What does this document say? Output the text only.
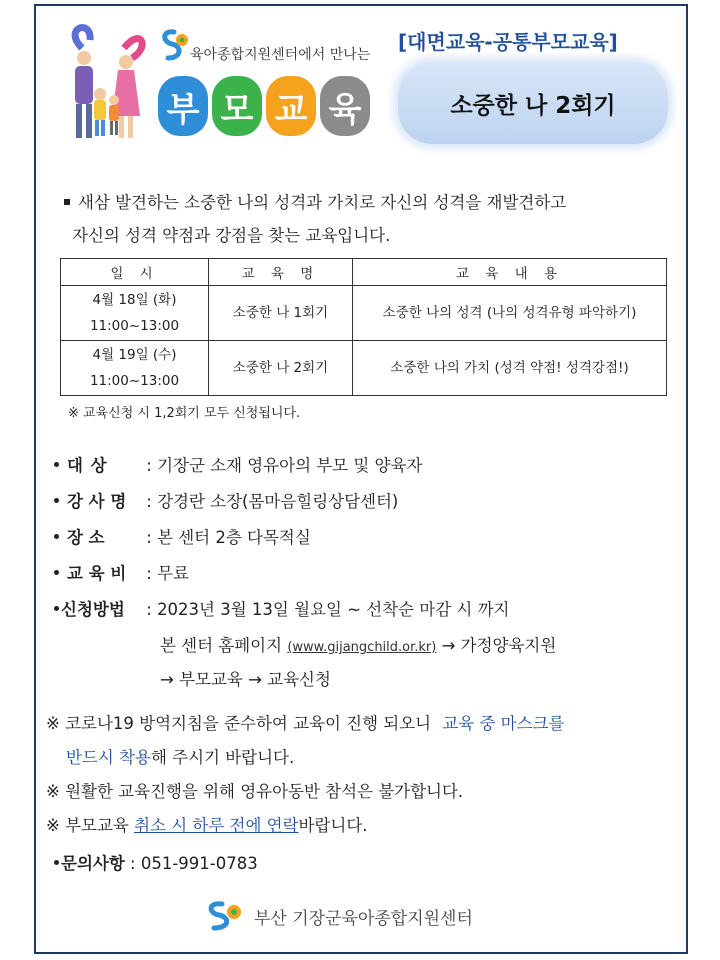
육아종합지원센터에서 만나는
부 모 교 육
[대면교육-공통부모교육]
소중한 나 2회기
새삼 발견하는 소중한 나의 성격과 가치로 자신의 성격을 재발견하고
자신의 성격 약점과 강점을 찾는 교육입니다.
일 시	교 육 명	교 육 내 용

4월 18일 (화)
11:00~13:00	소중한 나 1회기	소중한 나의 성격 (나의 성격유형 파악하기)

4월 19일 (수)
11:00~13:00	소중한 나 2회기	소중한 나의 가치 (성격 약점! 성격강점!)
※ 교육신청 시 1,2회기 모두 신청됩니다.
대 상 : 기장군 소재 영유아의 부모 및 양육자
강 사 명 : 강경란 소장(몸마음힐링상담센터)
장 소 : 본 센터 2층 다목적실
교 육 비 : 무료
신청방법 : 2023년 3월 13일 월요일 ~ 선착순 마감 시 까지
본 센터 홈페이지 (www.gijangchild.or.kr) → 가정양육지원
→ 부모교육 → 교육신청
※ 코로나19 방역지침을 준수하여 교육이 진행 되오니 교육 중 마스크를
반드시 착용해 주시기 바랍니다.
※ 원활한 교육진행을 위해 영유아동반 참석은 불가합니다.
※ 부모교육 취소 시 하루 전에 연락바랍니다.
문의사항 : 051-991-0783
부산 기장군육아종합지원센터
